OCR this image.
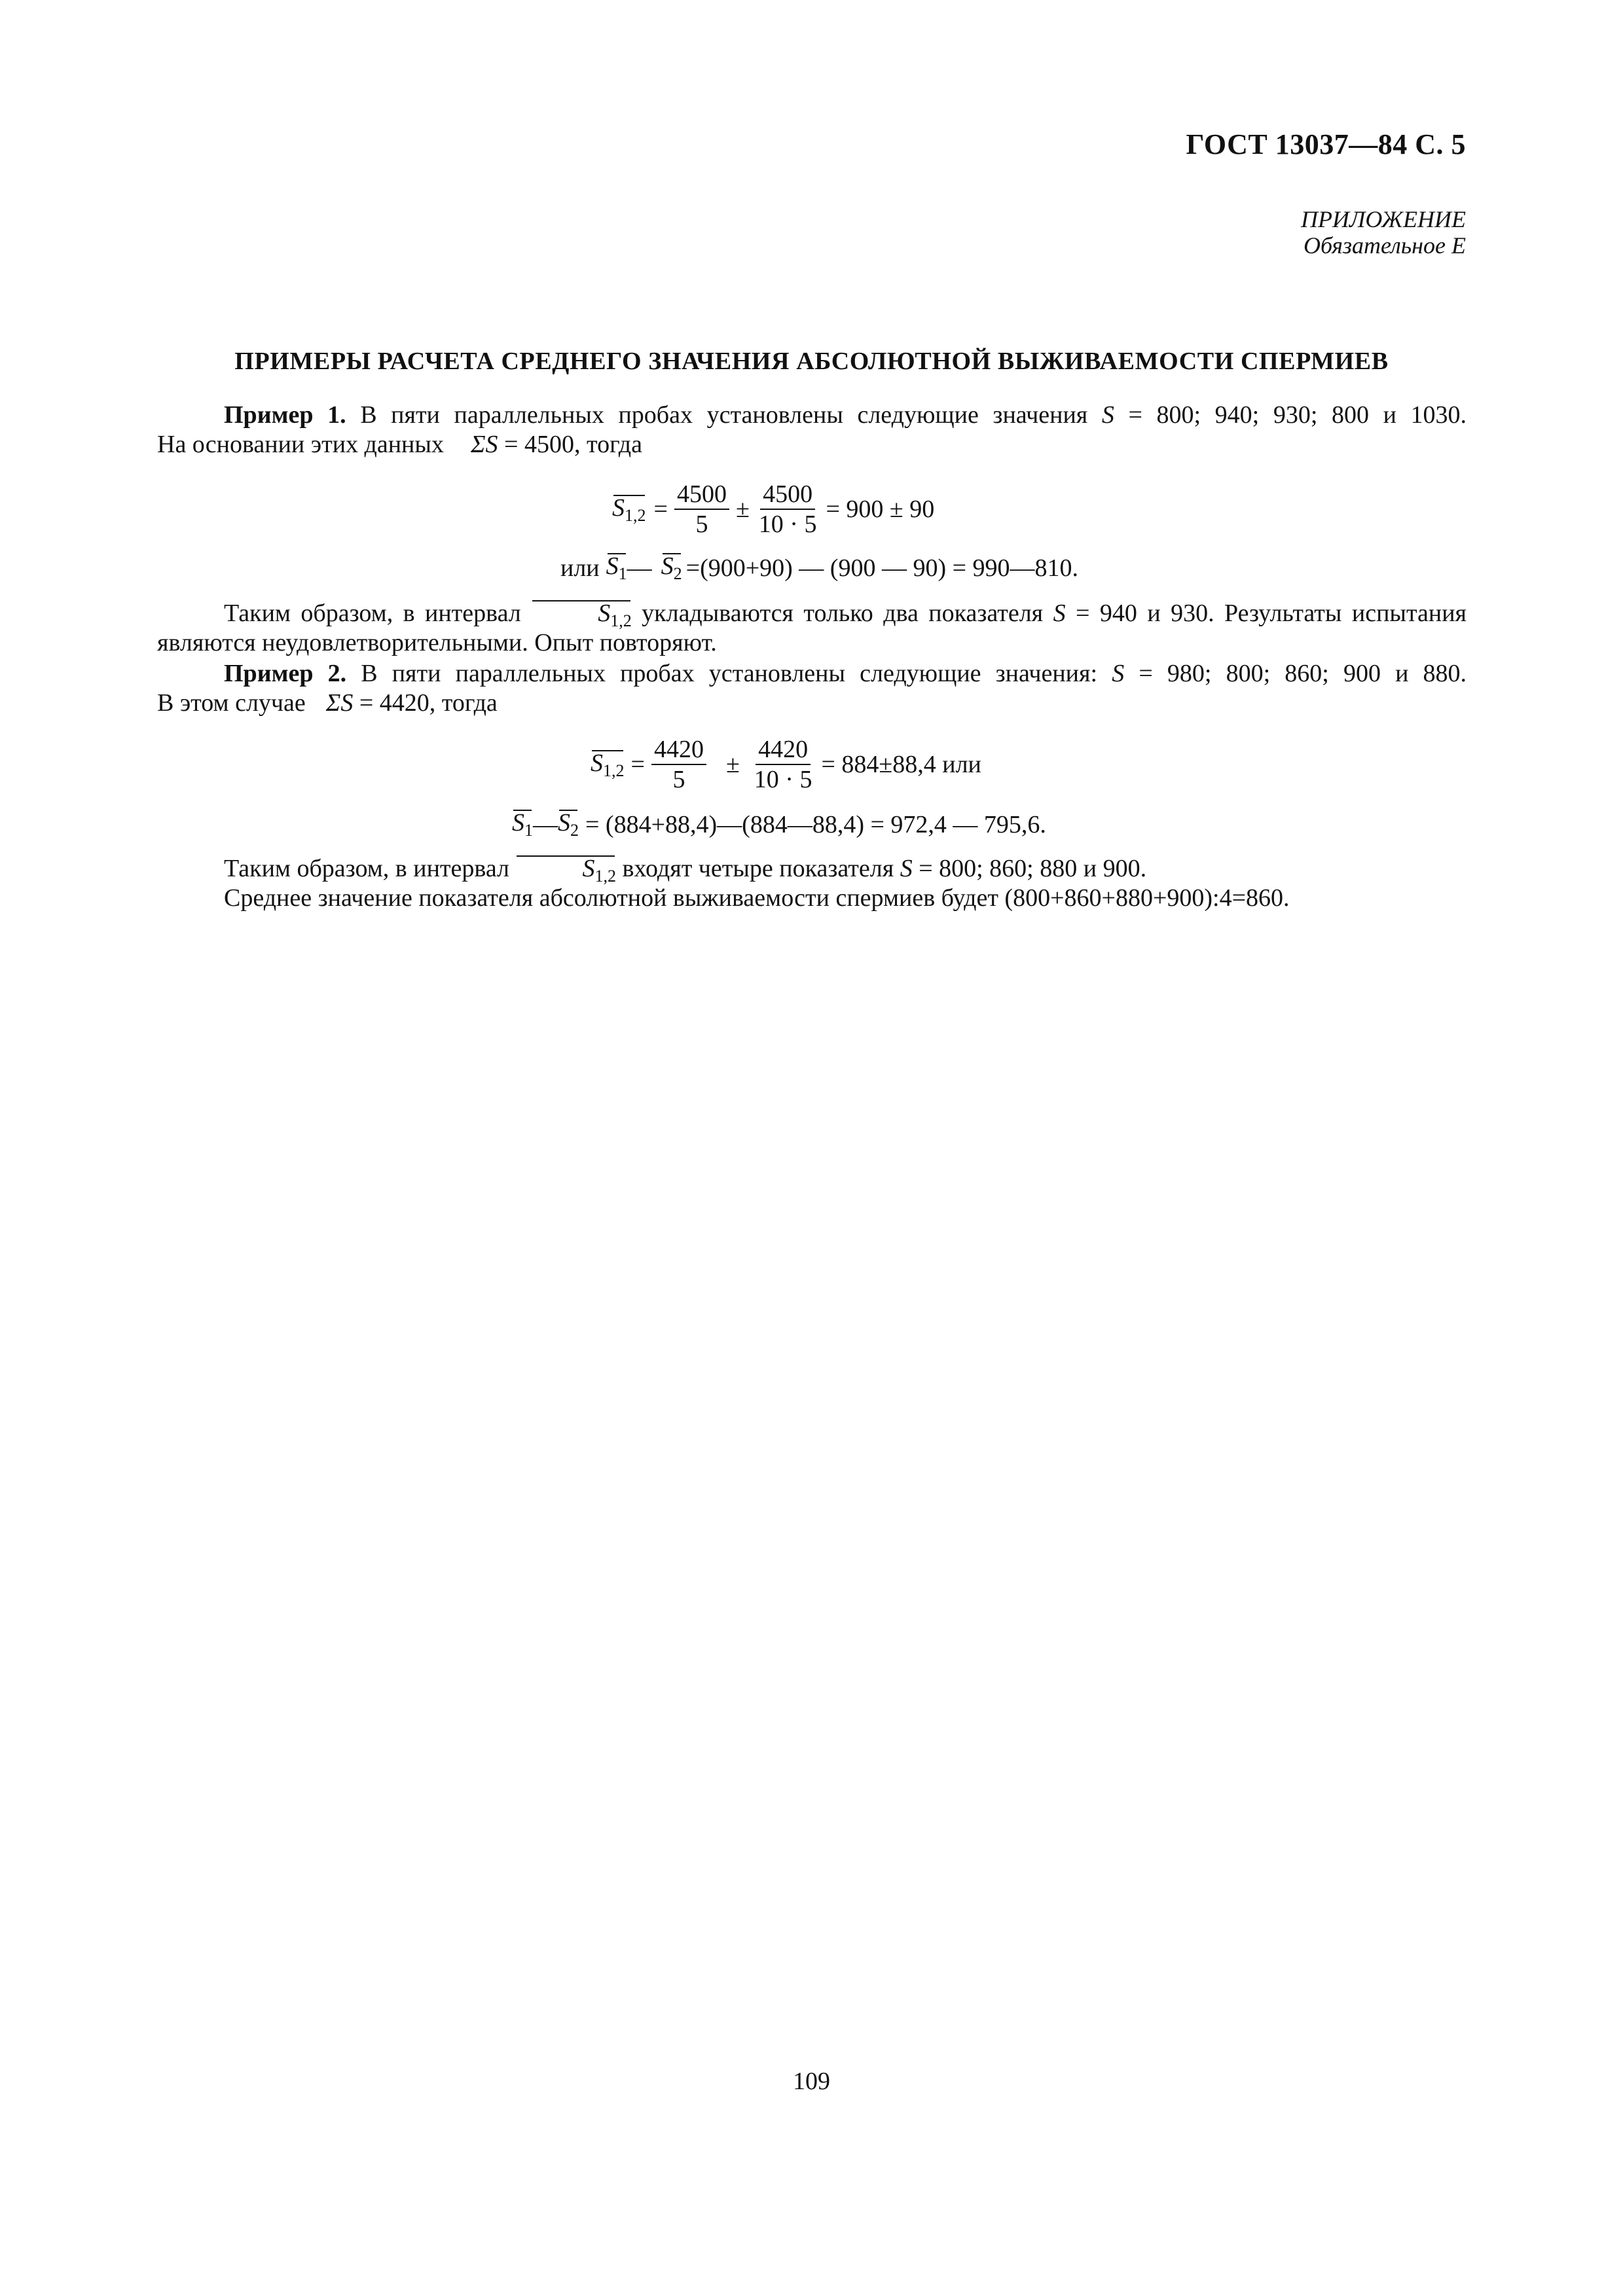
ГОСТ 13037—84 С. 5
ПРИЛОЖЕНИЕ
Обязательное Е
ПРИМЕРЫ РАСЧЕТА СРЕДНЕГО ЗНАЧЕНИЯ АБСОЛЮТНОЙ ВЫЖИВАЕМОСТИ СПЕРМИЕВ
Пример 1. В пяти параллельных пробах установлены следующие значения S = 800; 940; 930; 800 и 1030.
На основании этих данных ΣS = 4500, тогда
$S_{1,2} = \frac{4500}{5} \pm \frac{4500}{10 \cdot 5} = 900 \pm 90$
или $S_1$ — $S_2 =(900+90)$ — (900 — 90) = 990—810.
Таким образом, в интервал	$S_{1,2}$ укладываются только два показателя S = 940 и 930. Результаты испытания
являются неудовлетворительными. Опыт повторяют.
Пример 2. В пяти параллельных пробах установлены следующие значения: S = 980; 800; 860; 900 и 880.
В этом случае ΣS = 4420, тогда
$S_{1,2} = \frac{4420}{5} \pm \frac{4420}{10 \cdot 5} = 884\pm 88,4$ или
$S_1$ — $S_2$ = (884+88,4)—(884—88,4) = 972,4 — 795,6.
Таким образом, в интервал	$S_{1,2}$ входят четыре показателя S = 800; 860; 880 и 900.
Среднее значение показателя абсолютной выживаемости спермиев будет (800+860+880+900):4=860.
109
